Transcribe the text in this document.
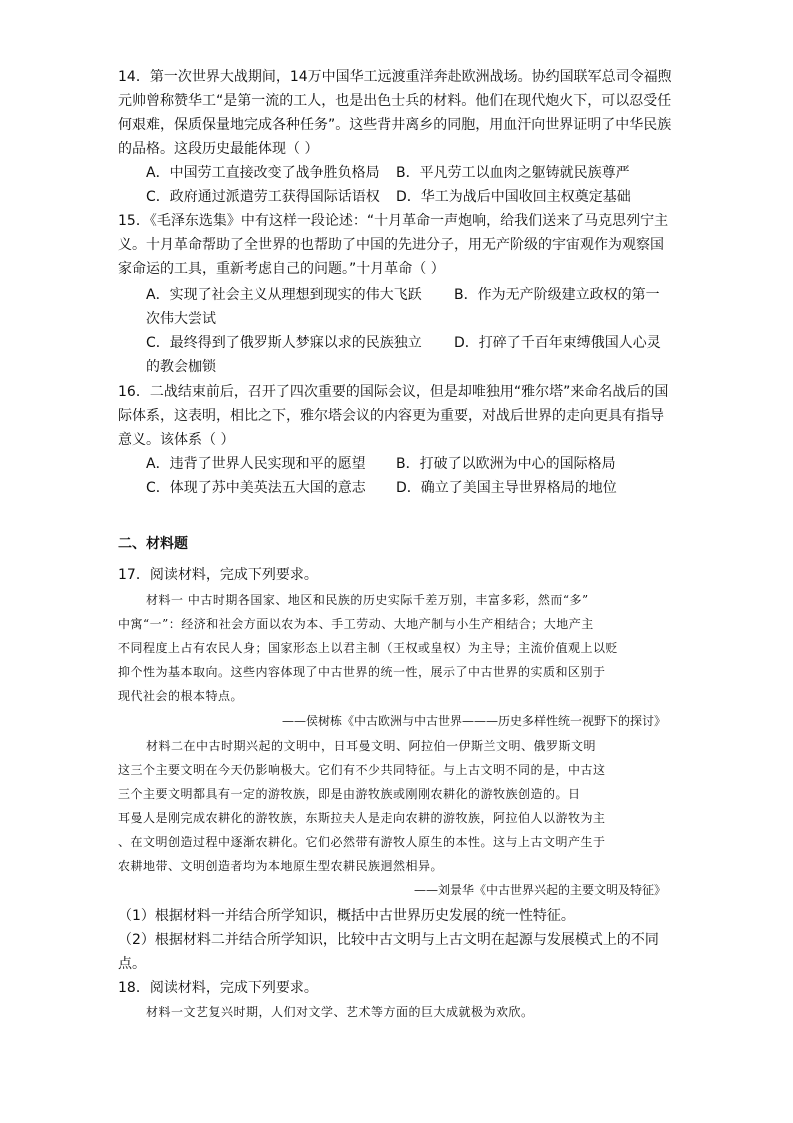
14．第一次世界大战期间，14万中国华工远渡重洋奔赴欧洲战场。协约国联军总司令福煦
元帅曾称赞华工“是第一流的工人，也是出色士兵的材料。他们在现代炮火下，可以忍受任
何艰难，保质保量地完成各种任务”。这些背井离乡的同胞，用血汗向世界证明了中华民族
的品格。这段历史最能体现（ ）
A．中国劳工直接改变了战争胜负格局 B．平凡劳工以血肉之躯铸就民族尊严
C．政府通过派遣劳工获得国际话语权 D．华工为战后中国收回主权奠定基础
15．《毛泽东选集》中有这样一段论述：“十月革命一声炮响，给我们送来了马克思列宁主
义。十月革命帮助了全世界的也帮助了中国的先进分子，用无产阶级的宇宙观作为观察国
家命运的工具，重新考虑自己的问题。”十月革命（ ）
A．实现了社会主义从理想到现实的伟大飞跃 B．作为无产阶级建立政权的第一
次伟大尝试
C．最终得到了俄罗斯人梦寐以求的民族独立 D．打碎了千百年束缚俄国人心灵
的教会枷锁
16．二战结束前后，召开了四次重要的国际会议，但是却唯独用“雅尔塔”来命名战后的国
际体系，这表明，相比之下，雅尔塔会议的内容更为重要，对战后世界的走向更具有指导
意义。该体系（ ）
A．违背了世界人民实现和平的愿望 B．打破了以欧洲为中心的国际格局
C．体现了苏中美英法五大国的意志 D．确立了美国主导世界格局的地位
二、材料题
17．阅读材料，完成下列要求。
材料一 中古时期各国家、地区和民族的历史实际千差万别，丰富多彩，然而“多”
中寓“一”：经济和社会方面以农为本、手工劳动、大地产制与小生产相结合；大地产主
不同程度上占有农民人身；国家形态上以君主制（王权或皇权）为主导；主流价值观上以贬
抑个性为基本取向。这些内容体现了中古世界的统一性，展示了中古世界的实质和区别于
现代社会的根本特点。
——侯树栋《中古欧洲与中古世界———历史多样性统一视野下的探讨》
材料二在中古时期兴起的文明中，日耳曼文明、阿拉伯一伊斯兰文明、俄罗斯文明
这三个主要文明在今天仍影响极大。它们有不少共同特征。与上古文明不同的是，中古这
三个主要文明都具有一定的游牧族，即是由游牧族或刚刚农耕化的游牧族创造的。日
耳曼人是刚完成农耕化的游牧族，东斯拉夫人是走向农耕的游牧族，阿拉伯人以游牧为主
、在文明创造过程中逐渐农耕化。它们必然带有游牧人原生的本性。这与上古文明产生于
农耕地带、文明创造者均为本地原生型农耕民族迥然相异。
——刘景华《中古世界兴起的主要文明及特征》
（1）根据材料一并结合所学知识，概括中古世界历史发展的统一性特征。
（2）根据材料二并结合所学知识，比较中古文明与上古文明在起源与发展模式上的不同
点。
18．阅读材料，完成下列要求。
材料一文艺复兴时期，人们对文学、艺术等方面的巨大成就极为欢欣。
